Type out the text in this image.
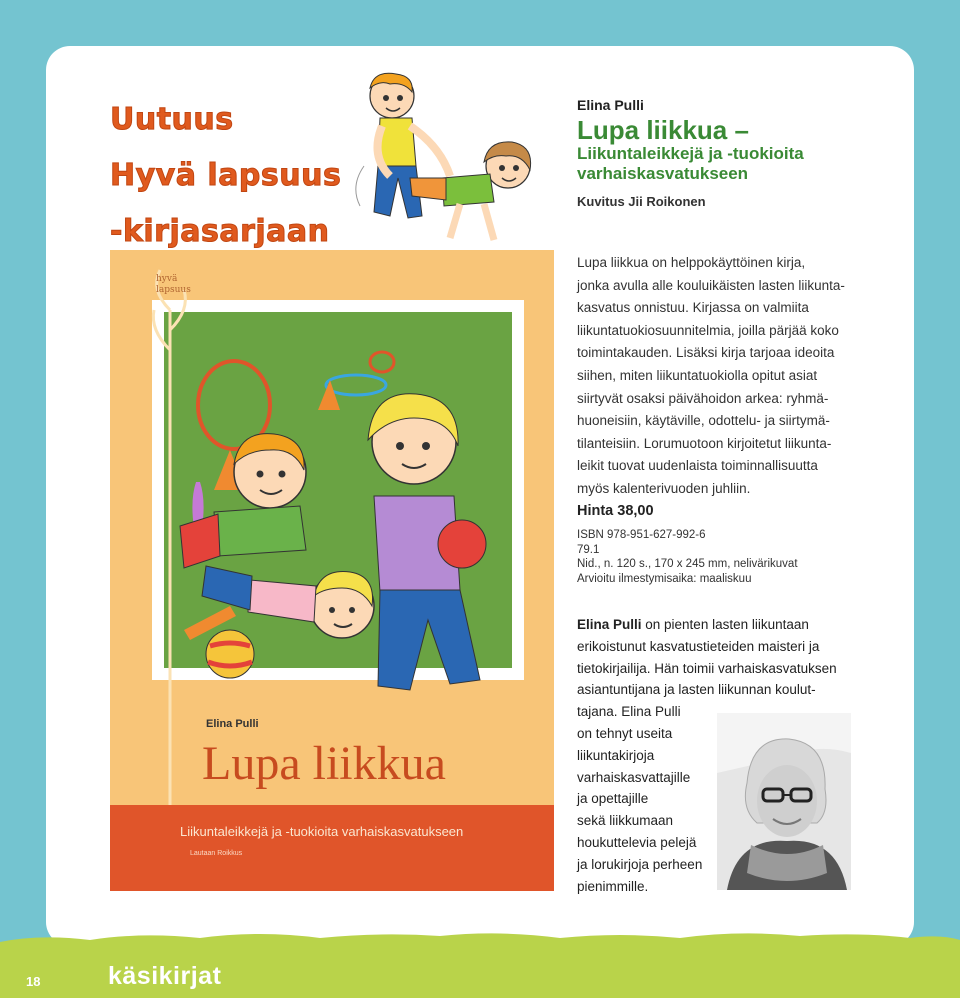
Uutuus
Hyvä lapsuus
-kirjasarjaan

hyvä
lapsuus

Elina Pulli

Lupa liikkua

Liikuntaleikkejä ja -tuokioita varhaiskasvatukseen

Lautaan Roikkus

Elina Pulli

Lupa liikkua –

Liikuntaleikkejä ja -tuokioita
varhaiskasvatukseen

Kuvitus Jii Roikonen

Lupa liikkua on helppokäyttöinen kirja,
jonka avulla alle kouluikäisten lasten liikunta-
kasvatus onnistuu. Kirjassa on valmiita
liikuntatuokiosuunnitelmia, joilla pärjää koko
toimintakauden. Lisäksi kirja tarjoaa ideoita
siihen, miten liikuntatuokiolla opitut asiat
siirtyvät osaksi päivähoidon arkea: ryhmä-
huoneisiin, käytäville, odottelu- ja siirtymä-
tilanteisiin. Lorumuotoon kirjoitetut liikunta-
leikit tuovat uudenlaista toiminnallisuutta
myös kalenterivuoden juhliin.

Hinta 38,00

ISBN 978-951-627-992-6
79.1
Nid., n. 120 s., 170 x 245 mm, nelivärikuvat
Arvioitu ilmestymisaika: maaliskuu

Elina Pulli on pienten lasten liikuntaan
erikoistunut kasvatustieteiden maisteri ja
tietokirjailija. Hän toimii varhaiskasvatuksen
asiantuntijana ja lasten liikunnan koulut-
tajana. Elina Pulli
on tehnyt useita
liikuntakirjoja
varhaiskasvattajille
ja opettajille
sekä liikkumaan
houkuttelevia pelejä
ja lorukirjoja perheen
pienimmille.

18	käsikirjat
